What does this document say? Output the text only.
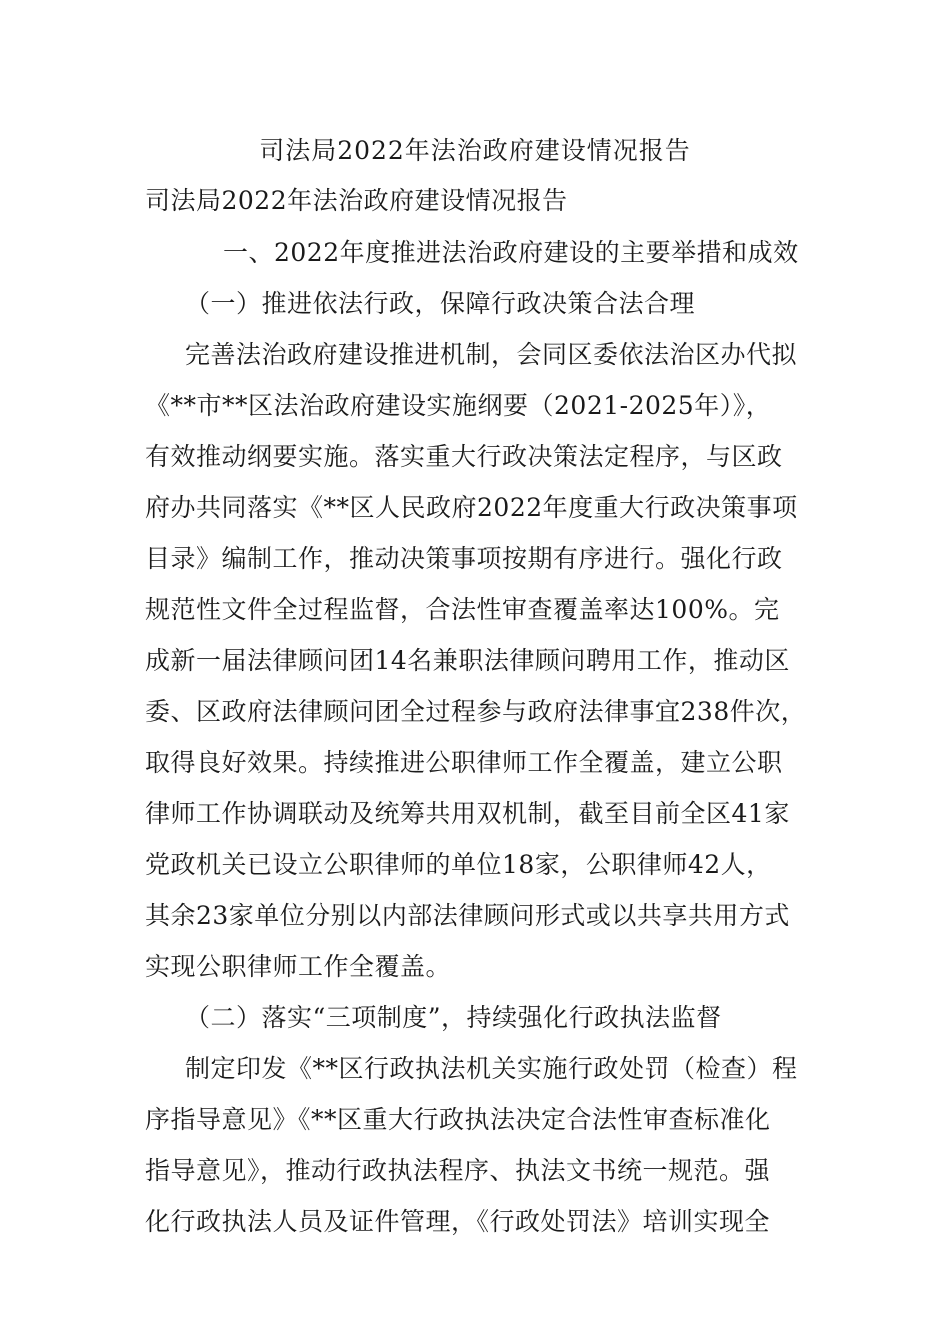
司法局2022年法治政府建设情况报告
司法局2022年法治政府建设情况报告
一、2022年度推进法治政府建设的主要举措和成效
（一）推进依法行政，保障行政决策合法合理
完善法治政府建设推进机制，会同区委依法治区办代拟
《**市**区法治政府建设实施纲要（2021-2025年）》，
有效推动纲要实施。落实重大行政决策法定程序，与区政
府办共同落实《**区人民政府2022年度重大行政决策事项
目录》编制工作，推动决策事项按期有序进行。强化行政
规范性文件全过程监督，合法性审查覆盖率达100%。完
成新一届法律顾问团14名兼职法律顾问聘用工作，推动区
委、区政府法律顾问团全过程参与政府法律事宜238件次，
取得良好效果。持续推进公职律师工作全覆盖，建立公职
律师工作协调联动及统筹共用双机制，截至目前全区41家
党政机关已设立公职律师的单位18家，公职律师42人，
其余23家单位分别以内部法律顾问形式或以共享共用方式
实现公职律师工作全覆盖。
（二）落实“三项制度”，持续强化行政执法监督
制定印发《**区行政执法机关实施行政处罚（检查）程
序指导意见》《**区重大行政执法决定合法性审查标准化
指导意见》，推动行政执法程序、执法文书统一规范。强
化行政执法人员及证件管理，《行政处罚法》培训实现全
